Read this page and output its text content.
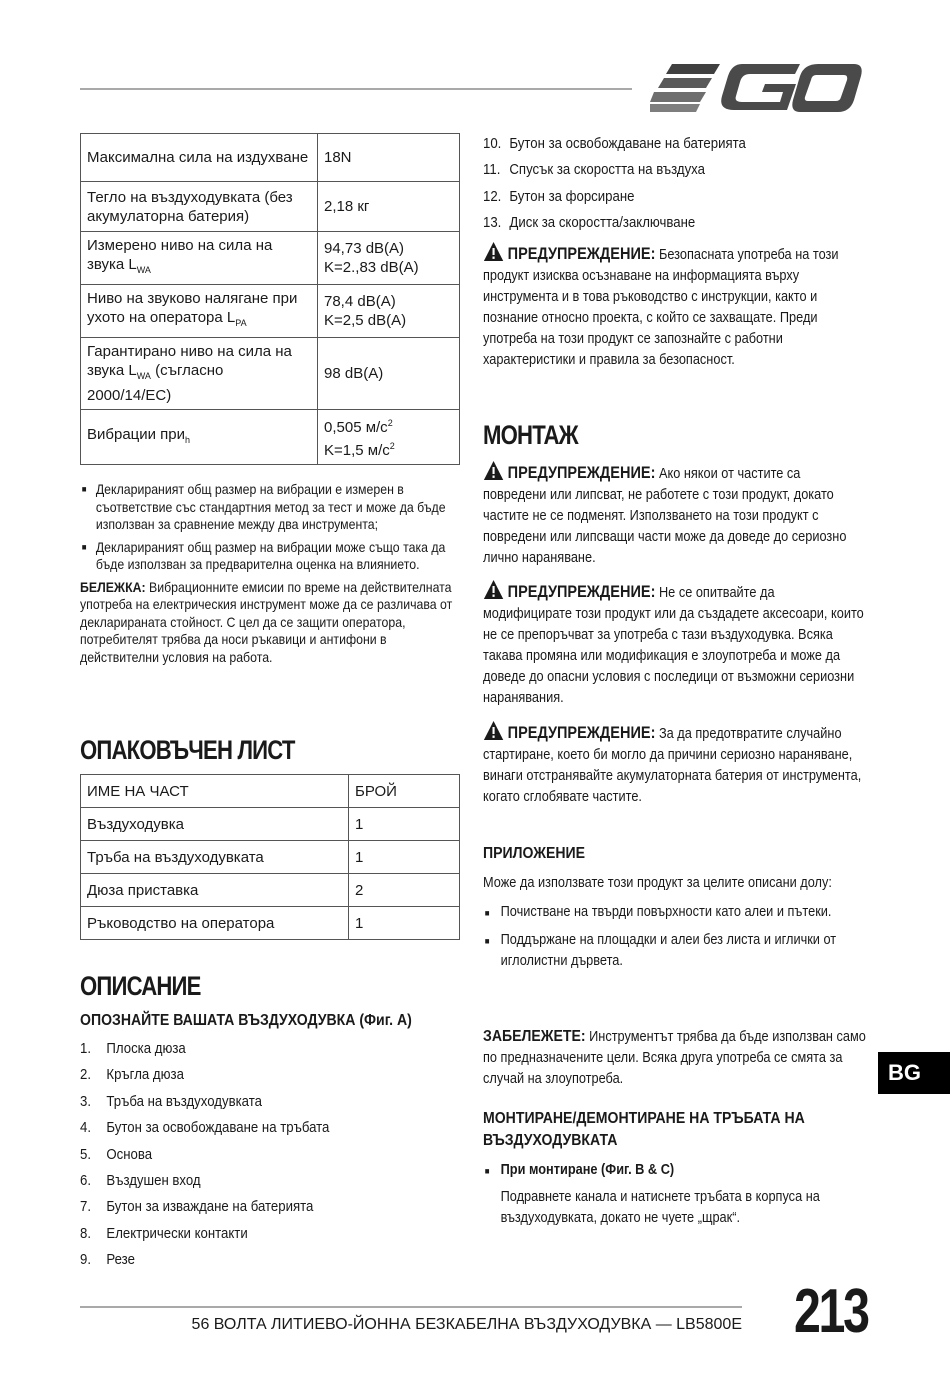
Максимална сила на издухване	18N
Тегло на въздуходувката (без акумулаторна батерия)	2,18 кг
Измерено ниво на сила на звука $L_{WA}$	94,73 dB(A)
K=2.,83 dB(A)
Ниво на звуково налягане при ухото на оператора $L_{PA}$	78,4 dB(A)
K=2,5 dB(A)
Гарантирано ниво на сила на звука $L_{WA}$ (съгласно 2000/14/EC)	98 dB(A)
Вибрации при$_h$	0,505 $м/с^2$
K=1,5 $м/с^2$
■ Декларираният общ размер на вибрации е измерен в съответствие със стандартния метод за тест и може да бъде използван за сравнение между два инструмента;
■ Декларираният общ размер на вибрации може също така да бъде използван за предварителна оценка на влиянието.

БЕЛЕЖКА: Вибрационните емисии по време на действителната употреба на електрическия инструмент може да се различава от декларираната стойност. С цел да се защити оператора, потребителят трябва да носи ръкавици и антифони в действителни условия на работа.

ОПАКОВЪЧЕН ЛИСТ
ИМЕ НА ЧАСТ	БРОЙ
Въздуходувка	1
Тръба на въздуходувката	1
Дюза приставка	2
Ръководство на оператора	1
ОПИСАНИЕ
ОПОЗНАЙТЕ ВАШАТА ВЪЗДУХОДУВКА (Фиг. А)
1. Плоска дюза
2. Кръгла дюза
3. Тръба на въздуходувката
4. Бутон за освобождаване на тръбата
5. Основа
6. Въздушен вход
7. Бутон за изваждане на батерията
8. Електрически контакти
9. Резе
10. Бутон за освобождаване на батерията
11. Спусък за скоростта на въздуха
12. Бутон за форсиране
13. Диск за скоростта/заключване

ПРЕДУПРЕЖДЕНИЕ: Безопасната употреба на този продукт изисква осъзнаване на информацията върху инструмента и в това ръководство с инструкции, както и познание относно проекта, с който се захващате. Преди употреба на този продукт се запознайте с работни характеристики и правила за безопасност.

МОНТАЖ

ПРЕДУПРЕЖДЕНИЕ: Ако някои от частите са повредени или липсват, не работете с този продукт, докато частите не се подменят. Използването на този продукт с повредени или липсващи части може да доведе до сериозно лично нараняване.

ПРЕДУПРЕЖДЕНИЕ: Не се опитвайте да модифицирате този продукт или да създадете аксесоари, които не се препоръчват за употреба с тази въздуходувка. Всяка такава промяна или модификация е злоупотреба и може да доведе до опасни условия с последици от възможни сериозни наранявания.

ПРЕДУПРЕЖДЕНИЕ: За да предотвратите случайно стартиране, което би могло да причини сериозно нараняване, винаги отстранявайте акумулаторната батерия от инструмента, когато сглобявате частите.

ПРИЛОЖЕНИЕ

Може да използвате този продукт за целите описани долу:

■ Почистване на твърди повърхности като алеи и пътеки.
■ Поддържане на площадки и алеи без листа и иглички от иглолистни дървета.

ЗАБЕЛЕЖЕТЕ: Инструментът трябва да бъде използван само по предназначените цели. Всяка друга употреба се смята за случай на злоупотреба.

МОНТИРАНЕ/ДЕМОНТИРАНЕ НА ТРЪБАТА НА ВЪЗДУХОДУВКАТА
■ При монтиране (Фиг. B & C)

Подравнете канала и натиснете тръбата в корпуса на въздуходувката, докато не чуете „щрак“.

BG
56 ВОЛТА ЛИТИЕВО-ЙОННА БЕЗКАБЕЛНА ВЪЗДУХОДУВКА — LB5800E 213
